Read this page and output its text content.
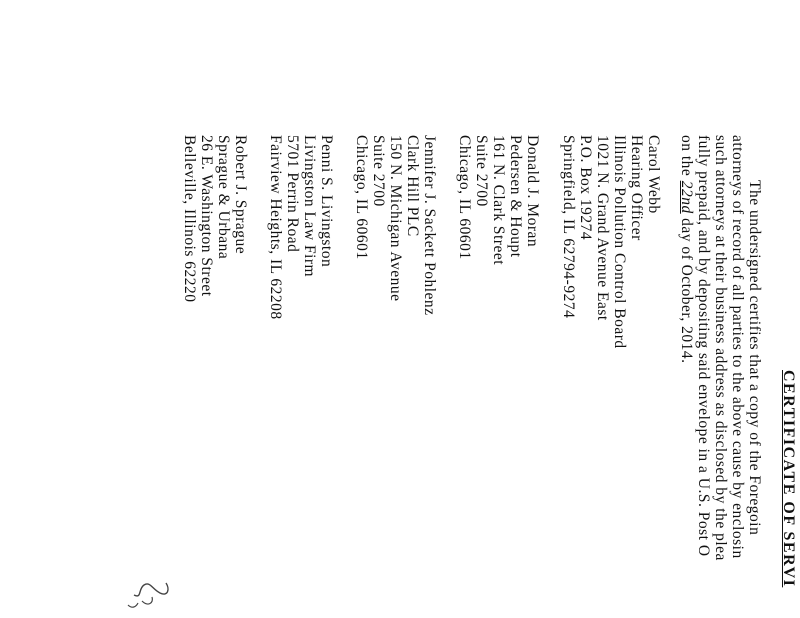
CERTIFICATE OF SERVI
The undersigned certifies that a copy of the Foregoin
attorneys of record of all parties to the above cause by enclosin
such attorneys at their business address as disclosed by the plea
fully prepaid, and by depositing said envelope in a U.S. Post O
on the 22nd day of October, 2014.
Carol Webb
Hearing Officer
Illinois Pollution Control Board
1021 N. Grand Avenue East
P.O. Box 19274
Springfield, IL 62794-9274
Donald J. Moran
Pedersen & Houpt
161 N. Clark Street
Suite 2700
Chicago, IL 60601
Jennifer J. Sackett Pohlenz
Clark Hill PLC
150 N. Michigan Avenue
Suite 2700
Chicago, IL 60601
Penni S. Livingston
Livingston Law Firm
5701 Perrin Road
Fairview Heights, IL 62208
Robert J. Sprague
Sprague & Urbana
26 E. Washington Street
Belleville, Illinois 62220
